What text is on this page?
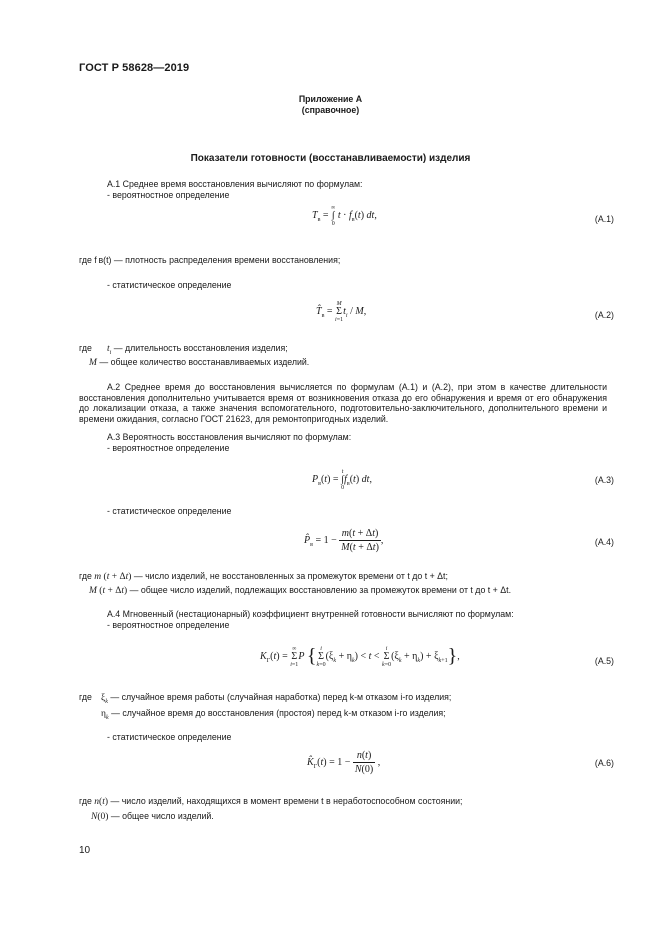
ГОСТ Р 58628—2019
Приложение А
(справочное)
Показатели готовности (восстанавливаемости) изделия
А.1 Среднее время восстановления вычисляют по формулам:
- вероятностное определение
$T_в$ = ∞
∫
0 $t \cdot f_в(t)$ dt,	(А.1)
где f в(t) — плотность распределения времени восстановления;
- статистическое определение
$T̂_в = M$
Σ
$i=1t_i / M$,	(А.2)
где $t_i$ — длительность восстановления изделия;
M — общее количество восстанавливаемых изделий.
А.2 Среднее время до восстановления вычисляется по формулам (А.1) и (А.2), при этом в качестве длительности восстановления дополнительно учитывается время от возникновения отказа до его обнаружения и время от его обнаружения до локализации отказа, а также значения вспомогательного, подготовительно-заключительного, дополнительного времени и времени ожидания, согласно ГОСТ 21623, для ремонтопригодных изделий.
А.3 Вероятность восстановления вычисляют по формулам:
- вероятностное определение
$P_в(t) = t$
∫
$0f_в(t)$ dt,	(А.3)
- статистическое определение
$P̂_в = 1 - \frac{m(t + \Delta t)}{M(t + \Delta t)}$ ,	(А.4)
где m (t + Δt) — число изделий, не восстановленных за промежуток времени от t до t + Δt;
M (t + Δt) — общее число изделий, подлежащих восстановлению за промежуток времени от t до t + Δt.
А.4 Мгновенный (нестационарный) коэффициент внутренней готовности вычисляют по формулам:
- вероятностное определение
$K_Г(t)$ = ∞
Σ
i=1P { i
Σ
$k=0(\xi_k + \eta_k) < t < i$
Σ
$k=0(\xi_k + \eta_k) + \xi_{k+1}$},	(А.5)
где $\xi_k$ — случайное время работы (случайная наработка) перед k-м отказом i-го изделия;
$\eta_k$ — случайное время до восстановления (простоя) перед k-м отказом i-го изделия;
- статистическое определение
$K̂_Г(t) = 1 - \frac{n(t)}{N(0)}$ ,	(А.6)
где n(t) — число изделий, находящихся в момент времени t в неработоспособном состоянии;
N(0) — общее число изделий.
10
